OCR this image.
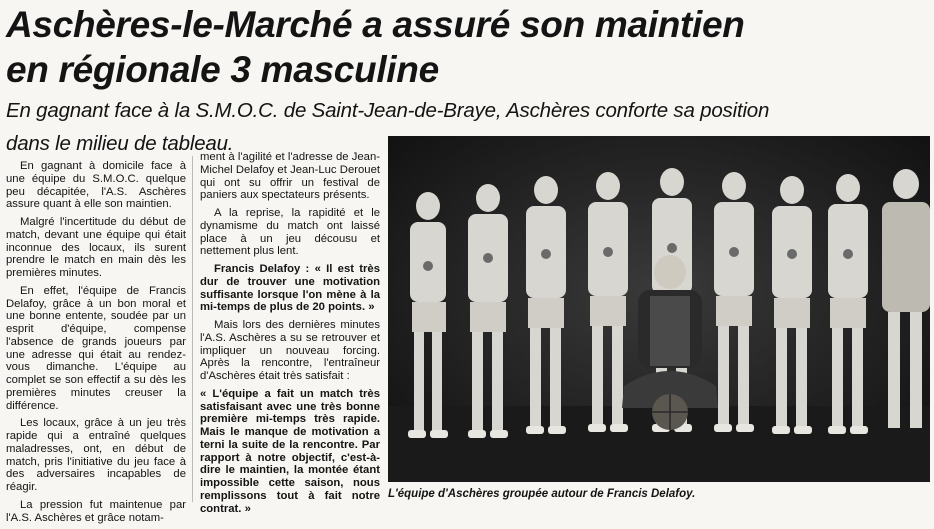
Aschères-le-Marché a assuré son maintien
en régionale 3 masculine
En gagnant face à la S.M.O.C. de Saint-Jean-de-Braye, Aschères conforte sa position
dans le milieu de tableau.

En gagnant à domicile face à une équipe du S.M.O.C. quelque peu décapitée, l'A.S. Aschères assure quant à elle son maintien.

Malgré l'incertitude du début de match, devant une équipe qui était inconnue des locaux, ils surent prendre le match en main dès les premières minutes.

En effet, l'équipe de Francis Delafoy, grâce à un bon moral et une bonne entente, soudée par un esprit d'équipe, compense l'absence de grands joueurs par une adresse qui était au rendez-vous dimanche. L'équipe au complet se son effectif a su dès les premières minutes creuser la différence.

Les locaux, grâce à un jeu très rapide qui a entraîné quelques maladresses, ont, en début de match, pris l'initiative du jeu face à des adversaires incapables de réagir.

La pression fut maintenue par l'A.S. Aschères et grâce notam-

ment à l'agilité et l'adresse de Jean-Michel Delafoy et Jean-Luc Derouet qui ont su offrir un festival de paniers aux spectateurs présents.

A la reprise, la rapidité et le dynamisme du match ont laissé place à un jeu décousu et nettement plus lent.

Francis Delafoy : « Il est très dur de trouver une motivation suffisante lorsque l'on mène à la mi-temps de plus de 20 points. »

Mais lors des dernières minutes l'A.S. Aschères a su se retrouver et impliquer un nouveau forcing. Après la rencontre, l'entraîneur d'Aschères était très satisfait :

« L'équipe a fait un match très satisfaisant avec une très bonne première mi-temps très rapide. Mais le manque de motivation a terni la suite de la rencontre. Par rapport à notre objectif, c'est-à-dire le maintien, la montée étant impossible cette saison, nous remplissons tout à fait notre contrat. »

L'équipe d'Aschères groupée autour de Francis Delafoy.
